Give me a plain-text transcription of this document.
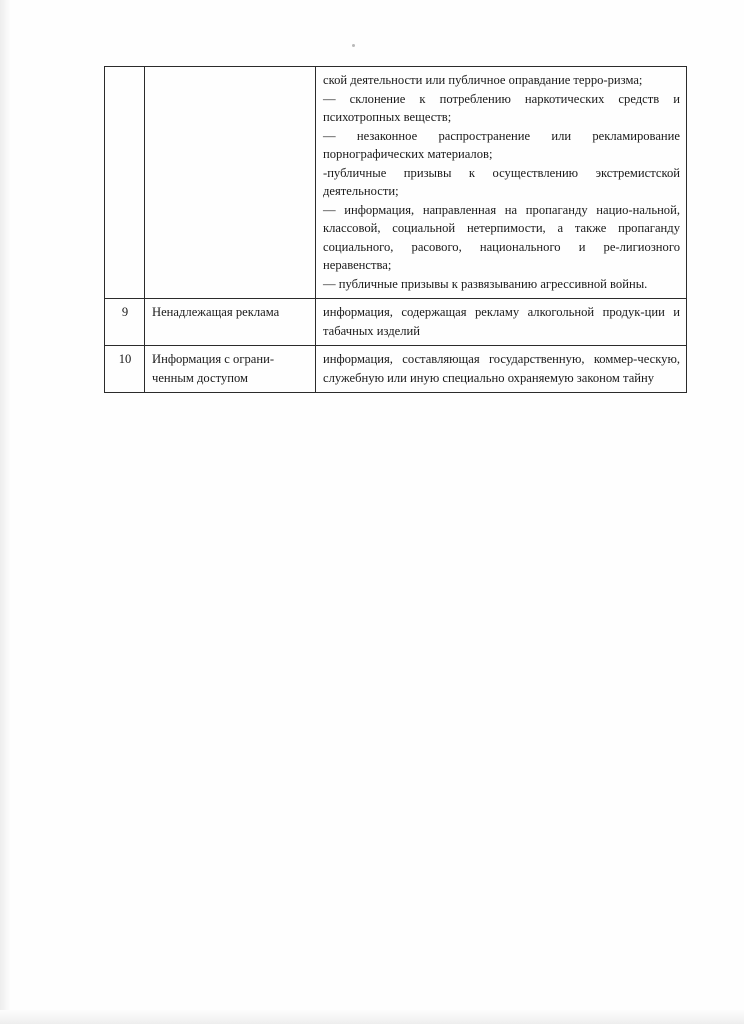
ской деятельности или публичное оправдание терро-ризма;

— склонение к потреблению наркотических средств и психотропных веществ;

— незаконное распространение или рекламирование порнографических материалов;

-публичные призывы к осуществлению экстремистской деятельности;

— информация, направленная на пропаганду нацио-нальной, классовой, социальной нетерпимости, а также пропаганду социального, расового, национального и ре-лигиозного неравенства;

— публичные призывы к развязыванию агрессивной войны.

9	Ненадлежащая реклама	информация, содержащая рекламу алкогольной продук-ции и табачных изделий

10	Информация с ограни-ченным доступом	информация, составляющая государственную, коммер-ческую, служебную или иную специально охраняемую законом тайну
